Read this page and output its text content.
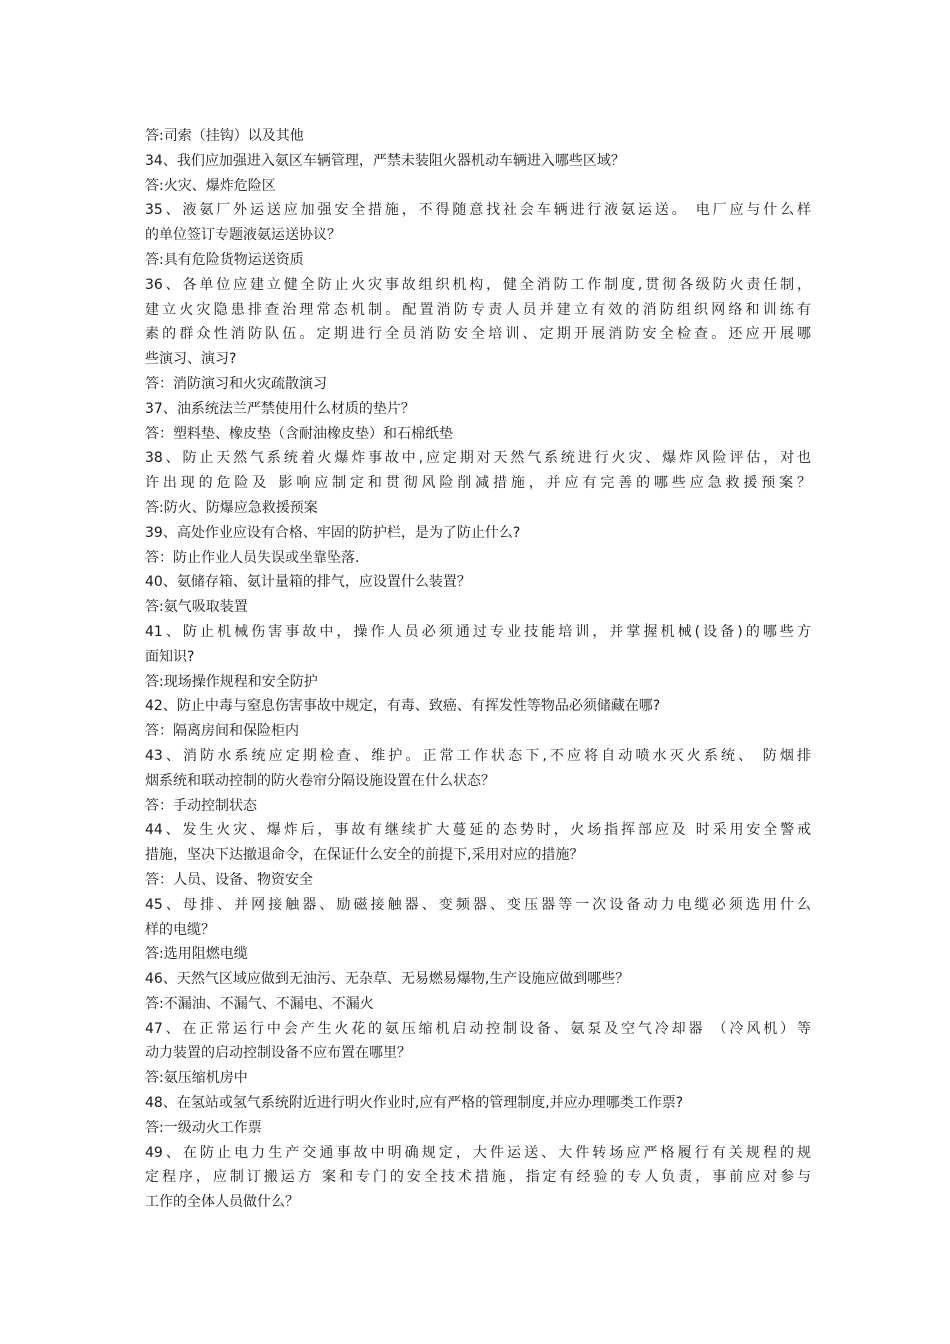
答:司索（挂钩）以及其他
34、我们应加强进入氨区车辆管理，严禁未装阻火器机动车辆进入哪些区域？
答:火灾、爆炸危险区
35、液氨厂外运送应加强安全措施，不得随意找社会车辆进行液氨运送。 电厂应与什么样
的单位签订专题液氨运送协议？
答:具有危险货物运送资质
36、各单位应建立健全防止火灾事故组织机构，健全消防工作制度,贯彻各级防火责任制，
建立火灾隐患排查治理常态机制。配置消防专责人员并建立有效的消防组织网络和训练有
素的群众性消防队伍。定期进行全员消防安全培训、定期开展消防安全检查。还应开展哪
些演习、演习?
答：消防演习和火灾疏散演习
37、油系统法兰严禁使用什么材质的垫片？
答：塑料垫、橡皮垫（含耐油橡皮垫）和石棉纸垫
38、防止天然气系统着火爆炸事故中,应定期对天然气系统进行火灾、爆炸风险评估，对也
许出现的危险及 影响应制定和贯彻风险削减措施，并应有完善的哪些应急救援预案？
答:防火、防爆应急救援预案
39、高处作业应设有合格、牢固的防护栏，是为了防止什么?
答：防止作业人员失误或坐靠坠落.
40、氨储存箱、氨计量箱的排气，应设置什么装置？
答:氨气吸取装置
41、防止机械伤害事故中，操作人员必须通过专业技能培训，并掌握机械(设备)的哪些方
面知识?
答:现场操作规程和安全防护
42、防止中毒与窒息伤害事故中规定，有毒、致癌、有挥发性等物品必须储藏在哪?
答：隔离房间和保险柜内
43、消防水系统应定期检查、维护。正常工作状态下,不应将自动喷水灭火系统、 防烟排
烟系统和联动控制的防火卷帘分隔设施设置在什么状态？
答：手动控制状态
44、发生火灾、爆炸后，事故有继续扩大蔓延的态势时，火场指挥部应及 时采用安全警戒
措施，坚决下达撤退命令，在保证什么安全的前提下,采用对应的措施？
答：人员、设备、物资安全
45、母排、并网接触器、励磁接触器、变频器、变压器等一次设备动力电缆必须选用什么
样的电缆？
答:选用阻燃电缆
46、天然气区域应做到无油污、无杂草、无易燃易爆物,生产设施应做到哪些？
答:不漏油、不漏气、不漏电、不漏火
47、在正常运行中会产生火花的氨压缩机启动控制设备、氨泵及空气冷却器 （冷风机）等
动力装置的启动控制设备不应布置在哪里？
答:氨压缩机房中
48、在氢站或氢气系统附近进行明火作业时,应有严格的管理制度,并应办理哪类工作票?
答:一级动火工作票
49、在防止电力生产交通事故中明确规定，大件运送、大件转场应严格履行有关规程的规
定程序，应制订搬运方 案和专门的安全技术措施，指定有经验的专人负责，事前应对参与
工作的全体人员做什么？
